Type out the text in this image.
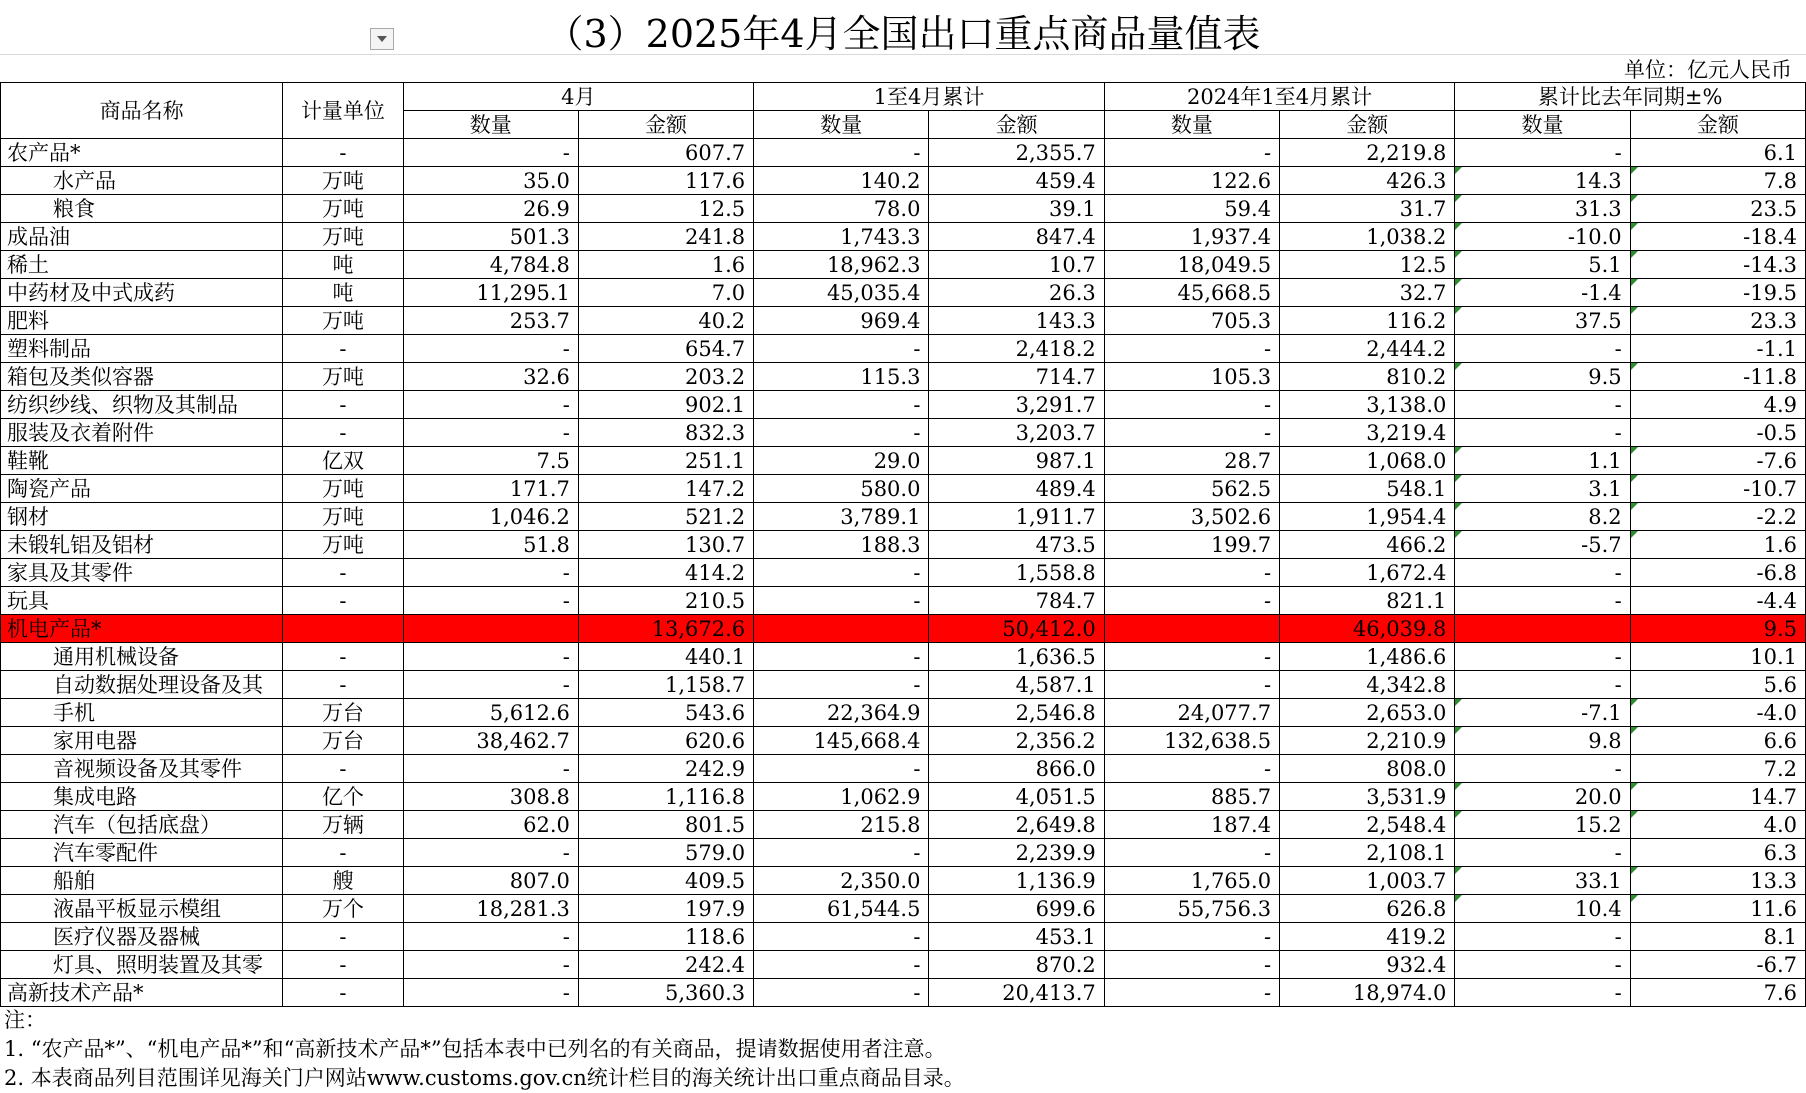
（3）2025年4月全国出口重点商品量值表
单位：亿元人民币
商品名称	计量单位	4月		1至4月累计		2024年1至4月累计		累计比去年同期±%	
		数量	金额	数量	金额	数量	金额	数量	金额
农产品*	-	-	607.7	-	2,355.7	-	2,219.8	-	6.1
水产品	万吨	35.0	117.6	140.2	459.4	122.6	426.3	14.3	7.8
粮食	万吨	26.9	12.5	78.0	39.1	59.4	31.7	31.3	23.5
成品油	万吨	501.3	241.8	1,743.3	847.4	1,937.4	1,038.2	-10.0	-18.4
稀土	吨	4,784.8	1.6	18,962.3	10.7	18,049.5	12.5	5.1	-14.3
中药材及中式成药	吨	11,295.1	7.0	45,035.4	26.3	45,668.5	32.7	-1.4	-19.5
肥料	万吨	253.7	40.2	969.4	143.3	705.3	116.2	37.5	23.3
塑料制品	-	-	654.7	-	2,418.2	-	2,444.2	-	-1.1
箱包及类似容器	万吨	32.6	203.2	115.3	714.7	105.3	810.2	9.5	-11.8
纺织纱线、织物及其制品	-	-	902.1	-	3,291.7	-	3,138.0	-	4.9
服装及衣着附件	-	-	832.3	-	3,203.7	-	3,219.4	-	-0.5
鞋靴	亿双	7.5	251.1	29.0	987.1	28.7	1,068.0	1.1	-7.6
陶瓷产品	万吨	171.7	147.2	580.0	489.4	562.5	548.1	3.1	-10.7
钢材	万吨	1,046.2	521.2	3,789.1	1,911.7	3,502.6	1,954.4	8.2	-2.2
未锻轧铝及铝材	万吨	51.8	130.7	188.3	473.5	199.7	466.2	-5.7	1.6
家具及其零件	-	-	414.2	-	1,558.8	-	1,672.4	-	-6.8
玩具	-	-	210.5	-	784.7	-	821.1	-	-4.4
机电产品*	-	-	13,672.6	-	50,412.0	-	46,039.8	-	9.5
通用机械设备	-	-	440.1	-	1,636.5	-	1,486.6	-	10.1
自动数据处理设备及其	-	-	1,158.7	-	4,587.1	-	4,342.8	-	5.6
手机	万台	5,612.6	543.6	22,364.9	2,546.8	24,077.7	2,653.0	-7.1	-4.0
家用电器	万台	38,462.7	620.6	145,668.4	2,356.2	132,638.5	2,210.9	9.8	6.6
音视频设备及其零件	-	-	242.9	-	866.0	-	808.0	-	7.2
集成电路	亿个	308.8	1,116.8	1,062.9	4,051.5	885.7	3,531.9	20.0	14.7
汽车（包括底盘）	万辆	62.0	801.5	215.8	2,649.8	187.4	2,548.4	15.2	4.0
汽车零配件	-	-	579.0	-	2,239.9	-	2,108.1	-	6.3
船舶	艘	807.0	409.5	2,350.0	1,136.9	1,765.0	1,003.7	33.1	13.3
液晶平板显示模组	万个	18,281.3	197.9	61,544.5	699.6	55,756.3	626.8	10.4	11.6
医疗仪器及器械	-	-	118.6	-	453.1	-	419.2	-	8.1
灯具、照明装置及其零	-	-	242.4	-	870.2	-	932.4	-	-6.7
高新技术产品*	-	-	5,360.3	-	20,413.7	-	18,974.0	-	7.6
注：
1. “农产品*”、“机电产品*”和“高新技术产品*”包括本表中已列名的有关商品，提请数据使用者注意。
2. 本表商品列目范围详见海关门户网站www.customs.gov.cn统计栏目的海关统计出口重点商品目录。
